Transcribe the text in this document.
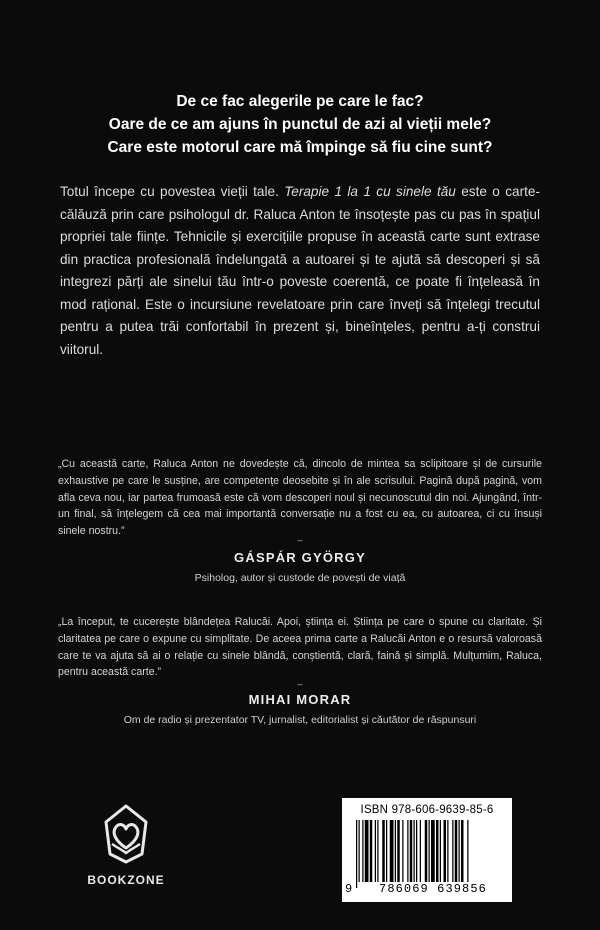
De ce fac alegerile pe care le fac?
Oare de ce am ajuns în punctul de azi al vieții mele?
Care este motorul care mă împinge să fiu cine sunt?

Totul începe cu povestea vieții tale. Terapie 1 la 1 cu sinele tău este o carte-călăuză prin care psihologul dr. Raluca Anton te însoțește pas cu pas în spațiul propriei tale ființe. Tehnicile și exercițiile propuse în această carte sunt extrase din practica profesională îndelungată a autoarei și te ajută să descoperi și să integrezi părți ale sinelui tău într-o poveste coerentă, ce poate fi înțeleasă în mod rațional. Este o incursiune revelatoare prin care înveți să înțelegi trecutul pentru a putea trăi confortabil în prezent și, bineînțeles, pentru a-ți construi viitorul.

„Cu această carte, Raluca Anton ne dovedește că, dincolo de mintea sa sclipitoare și de cursurile exhaustive pe care le susține, are competențe deosebite și în ale scrisului. Pagină după pagină, vom afla ceva nou, iar partea frumoasă este că vom descoperi noul și necunoscutul din noi. Ajungând, într-un final, să înțelegem că cea mai importantă conversație nu a fost cu ea, cu autoarea, ci cu însuși sinele nostru.”

–
GÁSPÁR GYÖRGY
Psiholog, autor și custode de povești de viață

„La început, te cucerește blândețea Ralucăi. Apoi, știința ei. Știința pe care o spune cu claritate. Și claritatea pe care o expune cu simplitate. De aceea prima carte a Ralucăi Anton e o resursă valoroasă care te va ajuta să ai o relație cu sinele blândă, conștientă, clară, faină și simplă. Mulțumim, Raluca, pentru această carte.”

–
MIHAI MORAR
Om de radio și prezentator TV, jurnalist, editorialist și căutător de răspunsuri
BOOKZONE
ISBN 978-606-9639-85-6
9	786069 639856
